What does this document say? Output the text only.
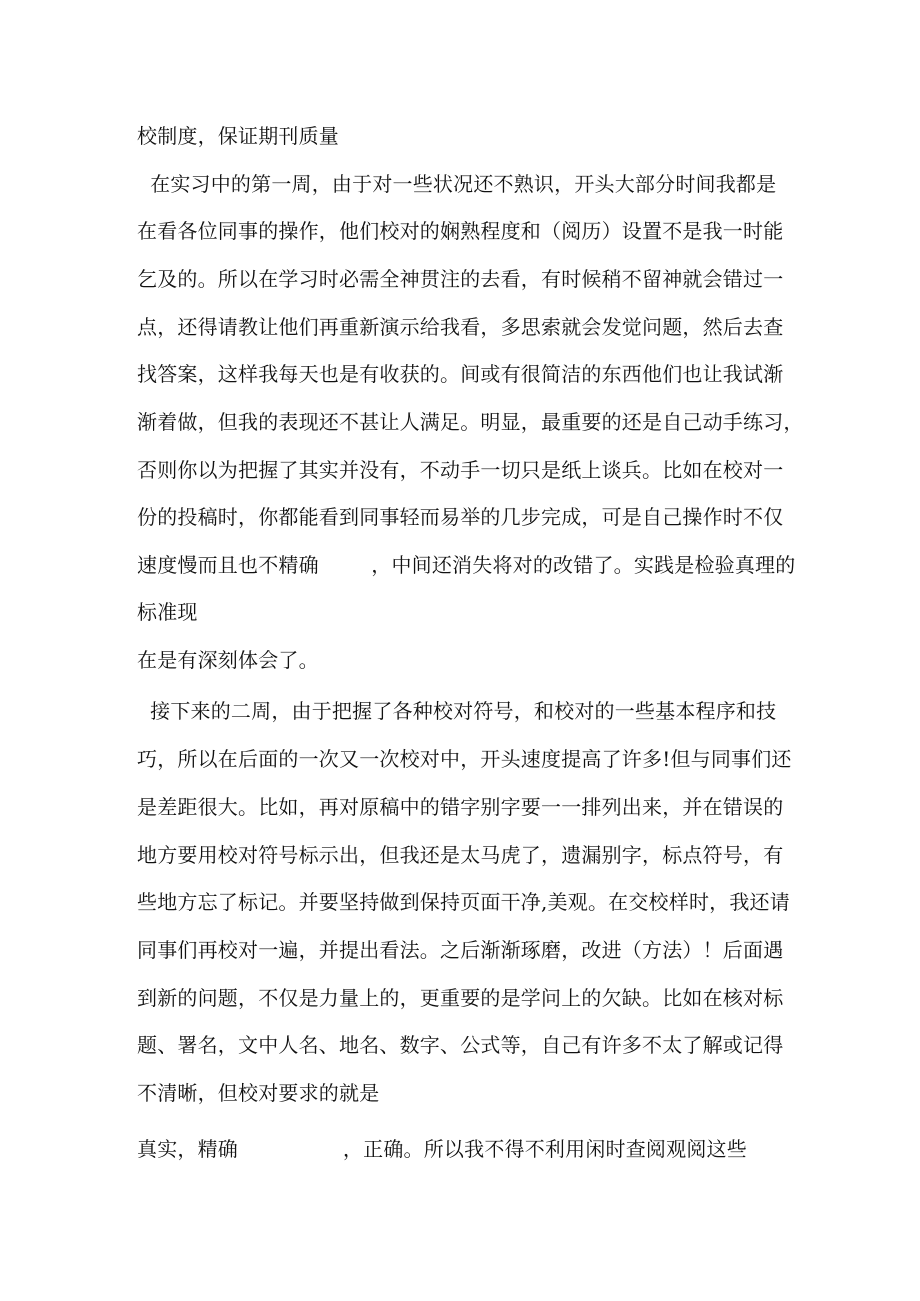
校制度，保证期刊质量
在实习中的第一周，由于对一些状况还不熟识，开头大部分时间我都是
在看各位同事的操作，他们校对的娴熟程度和（阅历）设置不是我一时能
乞及的。所以在学习时必需全神贯注的去看，有时候稍不留神就会错过一
点，还得请教让他们再重新演示给我看，多思索就会发觉问题，然后去查
找答案，这样我每天也是有收获的。间或有很简洁的东西他们也让我试渐
渐着做，但我的表现还不甚让人满足。明显，最重要的还是自己动手练习，
否则你以为把握了其实并没有，不动手一切只是纸上谈兵。比如在校对一
份的投稿时，你都能看到同事轻而易举的几步完成，可是自己操作时不仅
速度慢而且也不精确        ，中间还消失将对的改错了。实践是检验真理的
标准现
在是有深刻体会了。
接下来的二周，由于把握了各种校对符号，和校对的一些基本程序和技
巧，所以在后面的一次又一次校对中，开头速度提高了许多!但与同事们还
是差距很大。比如，再对原稿中的错字别字要一一排列出来，并在错误的
地方要用校对符号标示出，但我还是太马虎了，遗漏别字，标点符号，有
些地方忘了标记。并要坚持做到保持页面干净,美观。在交校样时，我还请
同事们再校对一遍，并提出看法。之后渐渐琢磨，改进（方法）！后面遇
到新的问题，不仅是力量上的，更重要的是学问上的欠缺。比如在核对标
题、署名，文中人名、地名、数字、公式等，自己有许多不太了解或记得
不清晰，但校对要求的就是
真实，精确                ，正确。所以我不得不利用闲时查阅观阅这些
